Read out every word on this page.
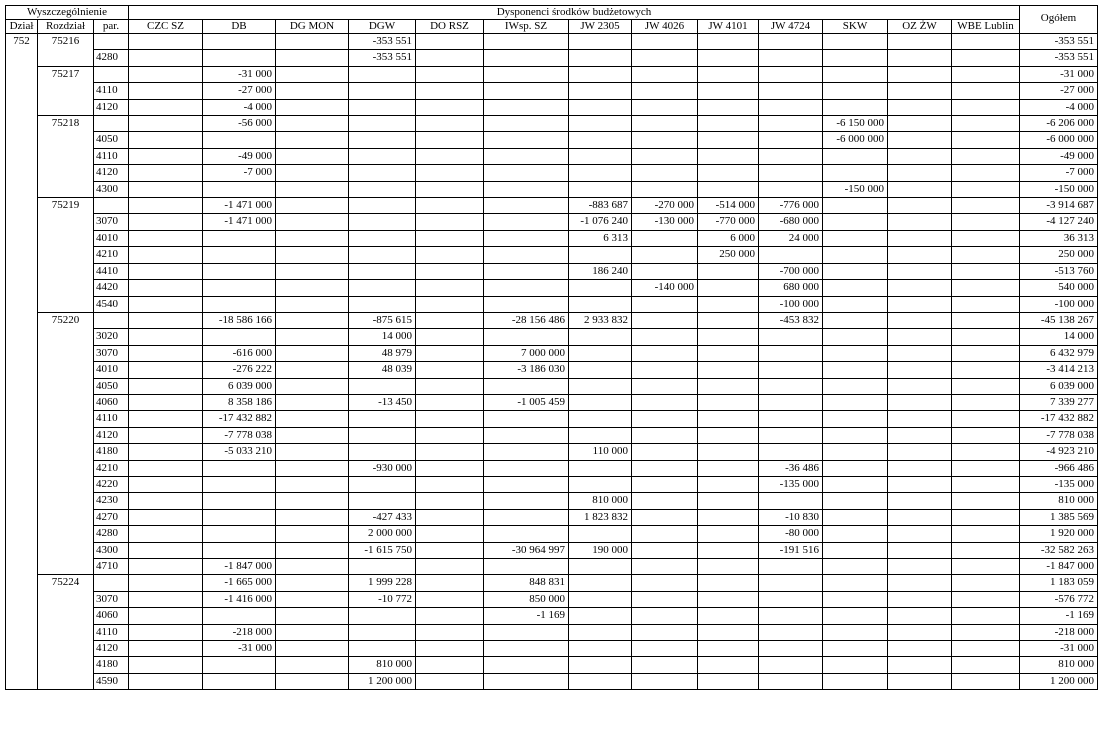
Wyszczególnienie			Dysponenci środków budżetowych													Ogółem
Dział	Rozdział	par.	CZC SZ	DB	DG MON	DGW	DO RSZ	IWsp. SZ	JW 2305	JW 4026	JW 4101	JW 4724	SKW	OZ ŻW	WBE Lublin	
752	75216					-353 551										-353 551
		4280				-353 551										-353 551
	75217			-31 000												-31 000
		4110		-27 000												-27 000
		4120		-4 000												-4 000
	75218			-56 000									-6 150 000			-6 206 000
		4050											-6 000 000			-6 000 000
		4110		-49 000												-49 000
		4120		-7 000												-7 000
		4300											-150 000			-150 000
	75219			-1 471 000					-883 687	-270 000	-514 000	-776 000				-3 914 687
		3070		-1 471 000					-1 076 240	-130 000	-770 000	-680 000				-4 127 240
		4010							6 313		6 000	24 000				36 313
		4210									250 000					250 000
		4410							186 240			-700 000				-513 760
		4420								-140 000		680 000				540 000
		4540										-100 000				-100 000
	75220			-18 586 166		-875 615		-28 156 486	2 933 832			-453 832				-45 138 267
		3020				14 000										14 000
		3070		-616 000		48 979		7 000 000								6 432 979
		4010		-276 222		48 039		-3 186 030								-3 414 213
		4050		6 039 000												6 039 000
		4060		8 358 186		-13 450		-1 005 459								7 339 277
		4110		-17 432 882												-17 432 882
		4120		-7 778 038												-7 778 038
		4180		-5 033 210					110 000							-4 923 210
		4210				-930 000						-36 486				-966 486
		4220										-135 000				-135 000
		4230							810 000							810 000
		4270				-427 433			1 823 832			-10 830				1 385 569
		4280				2 000 000						-80 000				1 920 000
		4300				-1 615 750		-30 964 997	190 000			-191 516				-32 582 263
		4710		-1 847 000												-1 847 000
	75224			-1 665 000		1 999 228		848 831								1 183 059
		3070		-1 416 000		-10 772		850 000								-576 772
		4060						-1 169								-1 169
		4110		-218 000												-218 000
		4120		-31 000												-31 000
		4180				810 000										810 000
		4590				1 200 000										1 200 000
